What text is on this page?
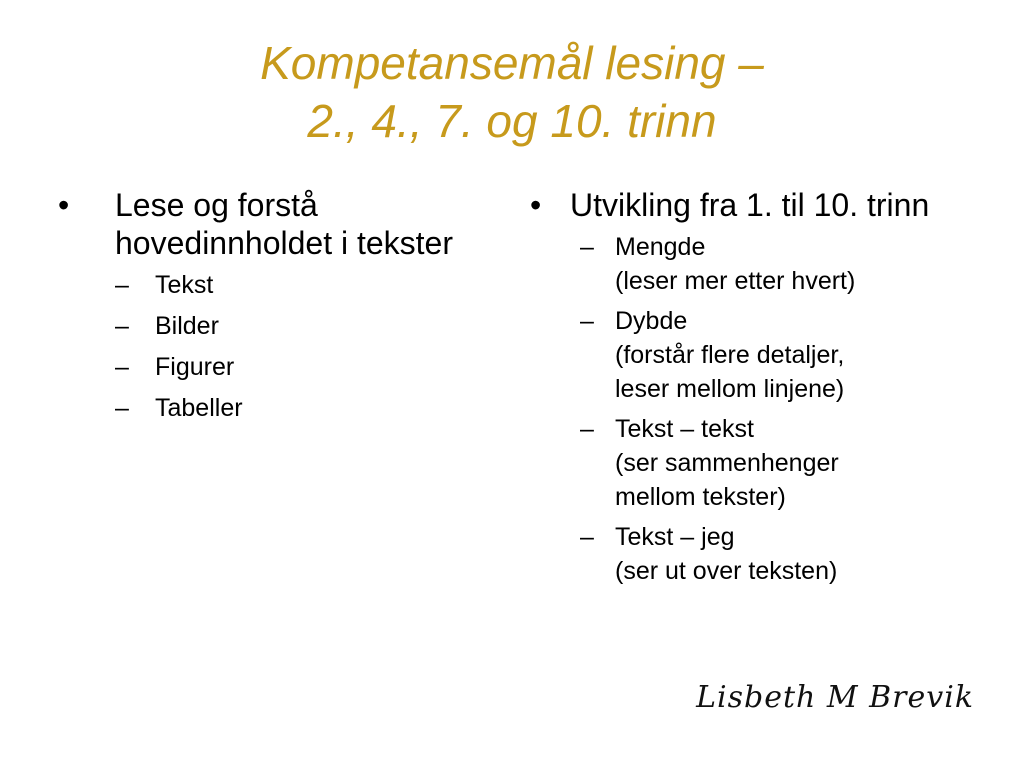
Kompetansemål lesing –
2., 4., 7. og 10. trinn
•	Lese og forstå hovedinnholdet i tekster
– Tekst
– Bilder
– Figurer
– Tabeller
• Utvikling fra 1. til 10. trinn
– Mengde
(leser mer etter hvert)
– Dybde
(forstår flere detaljer,
leser mellom linjene)
– Tekst – tekst
(ser sammenhenger
mellom tekster)
– Tekst – jeg
(ser ut over teksten)
Lisbeth M Brevik
